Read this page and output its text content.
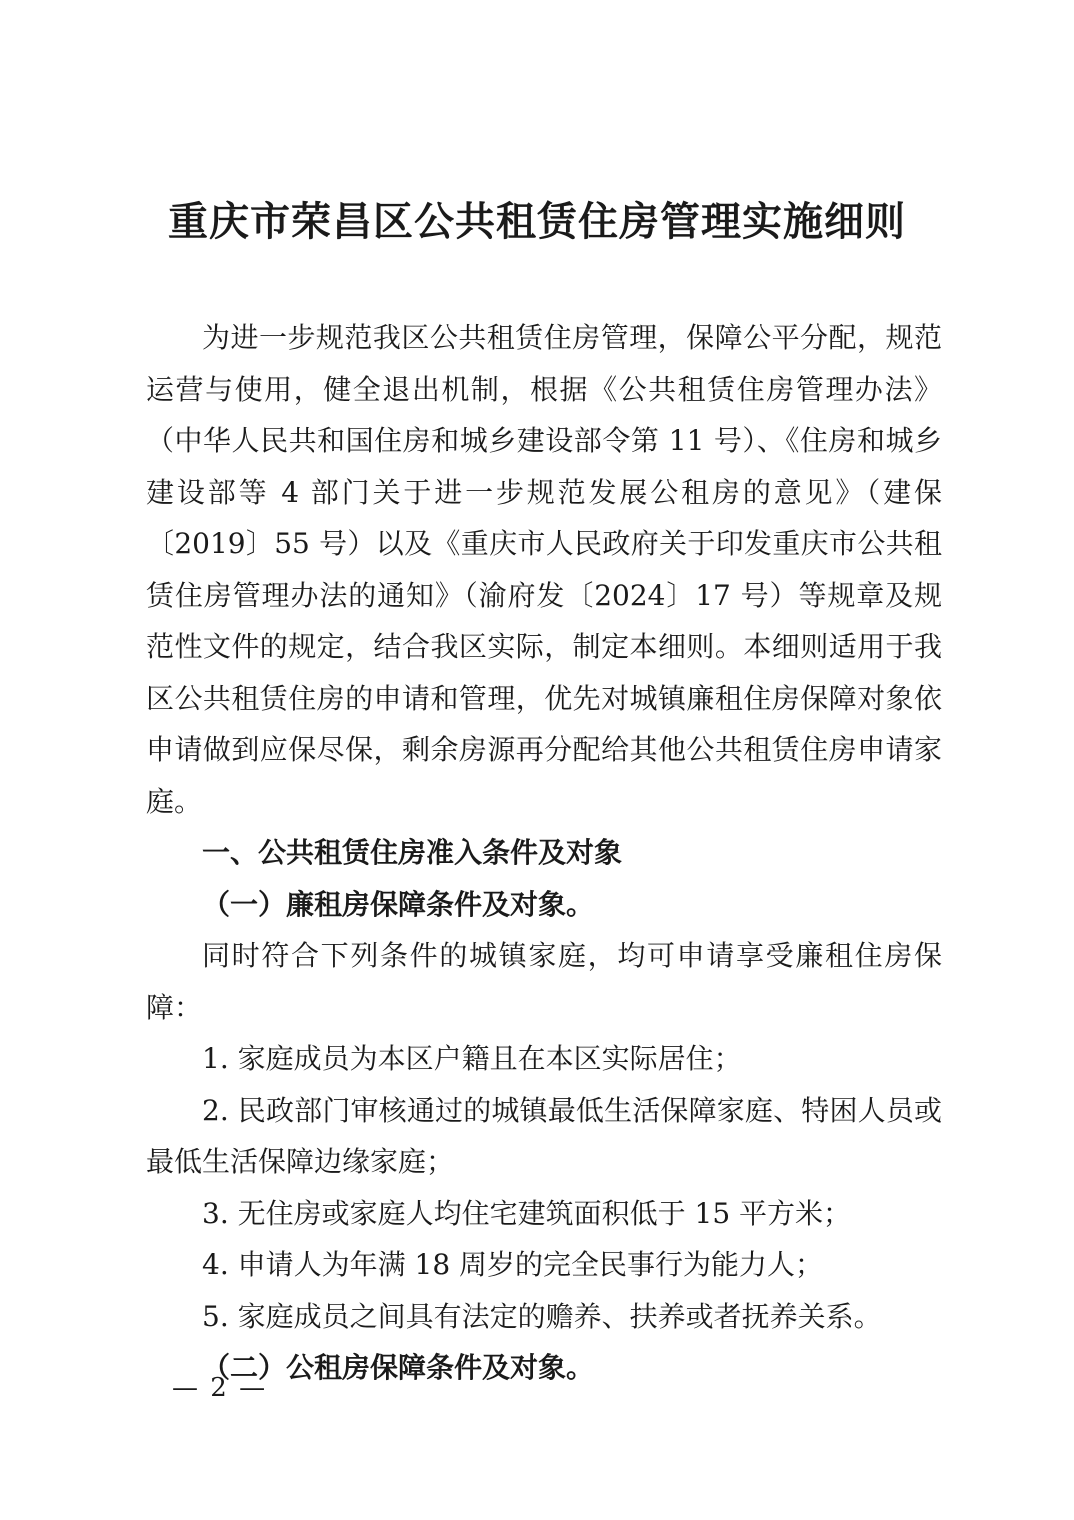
重庆市荣昌区公共租赁住房管理实施细则

为进一步规范我区公共租赁住房管理，保障公平分配，规范运营与使用，健全退出机制，根据《公共租赁住房管理办法》（中华人民共和国住房和城乡建设部令第 11 号）、《住房和城乡建设部等 4 部门关于进一步规范发展公租房的意见》（建保〔2019〕55 号）以及《重庆市人民政府关于印发重庆市公共租赁住房管理办法的通知》（渝府发〔2024〕17 号）等规章及规范性文件的规定，结合我区实际，制定本细则。本细则适用于我区公共租赁住房的申请和管理，优先对城镇廉租住房保障对象依申请做到应保尽保，剩余房源再分配给其他公共租赁住房申请家庭。

一、公共租赁住房准入条件及对象

（一）廉租房保障条件及对象。

同时符合下列条件的城镇家庭，均可申请享受廉租住房保障：

1. 家庭成员为本区户籍且在本区实际居住；

2. 民政部门审核通过的城镇最低生活保障家庭、特困人员或最低生活保障边缘家庭；

3. 无住房或家庭人均住宅建筑面积低于 15 平方米；

4. 申请人为年满 18 周岁的完全民事行为能力人；

5. 家庭成员之间具有法定的赡养、扶养或者抚养关系。

（二）公租房保障条件及对象。

— 2 —
